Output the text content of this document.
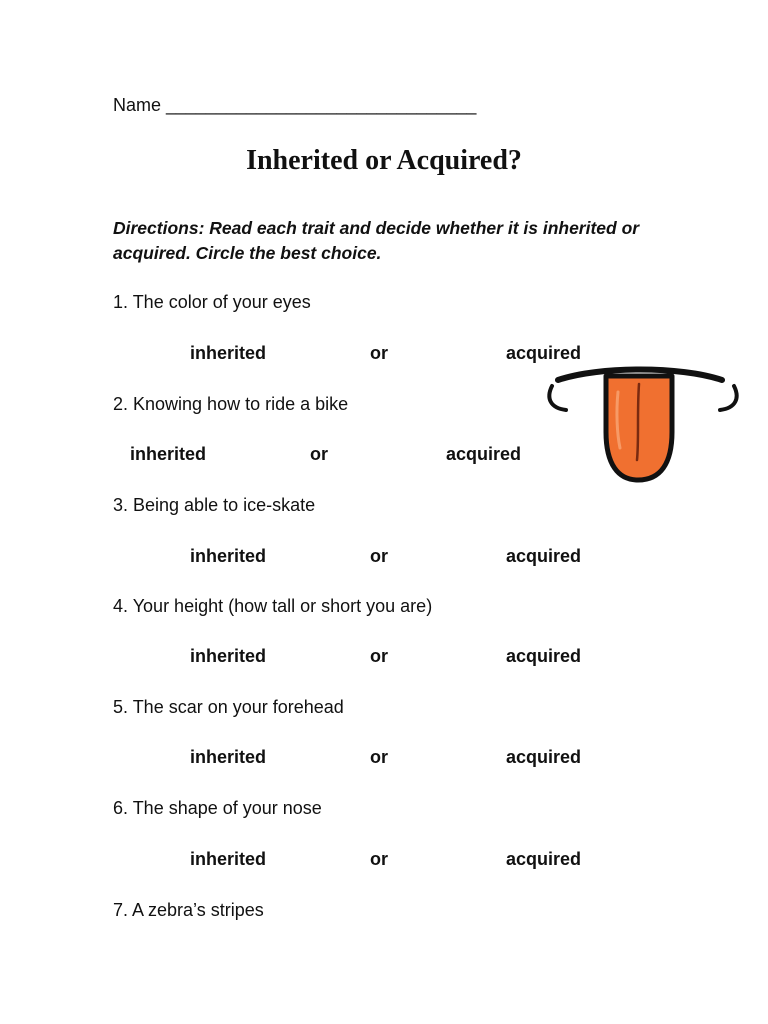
Name _______________________________
Inherited or Acquired?
Directions: Read each trait and decide whether it is inherited or acquired. Circle the best choice.
1. The color of your eyes
inherited	or	acquired
2. Knowing how to ride a bike
inherited	or	acquired
3. Being able to ice-skate
inherited	or	acquired
4. Your height (how tall or short you are)
inherited	or	acquired
5. The scar on your forehead
inherited	or	acquired
6. The shape of your nose
inherited	or	acquired
7. A zebra’s stripes
